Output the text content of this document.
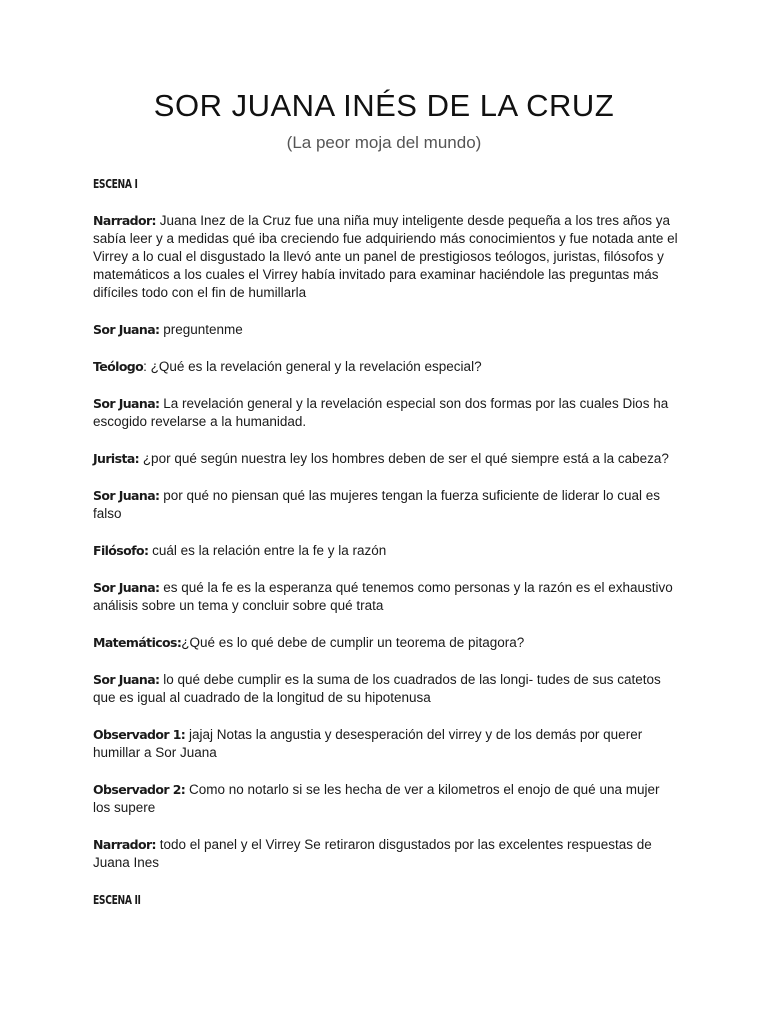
SOR JUANA INÉS DE LA CRUZ

(La peor moja del mundo)

ESCENA I

Narrador: Juana Inez de la Cruz fue una niña muy inteligente desde pequeña a los tres años ya sabía leer y a medidas qué iba creciendo fue adquiriendo más conocimientos y fue notada ante el Virrey a lo cual el disgustado la llevó ante un panel de prestigiosos teólogos, juristas, filósofos y matemáticos a los cuales el Virrey había invitado para examinar haciéndole las preguntas más difíciles todo con el fin de humillarla

Sor Juana: preguntenme

Teólogo: ¿Qué es la revelación general y la revelación especial?

Sor Juana: La revelación general y la revelación especial son dos formas por las cuales Dios ha escogido revelarse a la humanidad.

Jurista: ¿por qué según nuestra ley los hombres deben de ser el qué siempre está a la cabeza?

Sor Juana: por qué no piensan qué las mujeres tengan la fuerza suficiente de liderar lo cual es falso

Filósofo: cuál es la relación entre la fe y la razón

Sor Juana: es qué la fe es la esperanza qué tenemos como personas y la razón es el exhaustivo análisis sobre un tema y concluir sobre qué trata

Matemáticos:¿Qué es lo qué debe de cumplir un teorema de pitagora?

Sor Juana: lo qué debe cumplir es la suma de los cuadrados de las longi- tudes de sus catetos que es igual al cuadrado de la longitud de su hipotenusa

Observador 1: jajaj Notas la angustia y desesperación del virrey y de los demás por querer humillar a Sor Juana

Observador 2: Como no notarlo si se les hecha de ver a kilometros el enojo de qué una mujer los supere

Narrador: todo el panel y el Virrey Se retiraron disgustados por las excelentes respuestas de Juana Ines

ESCENA II
